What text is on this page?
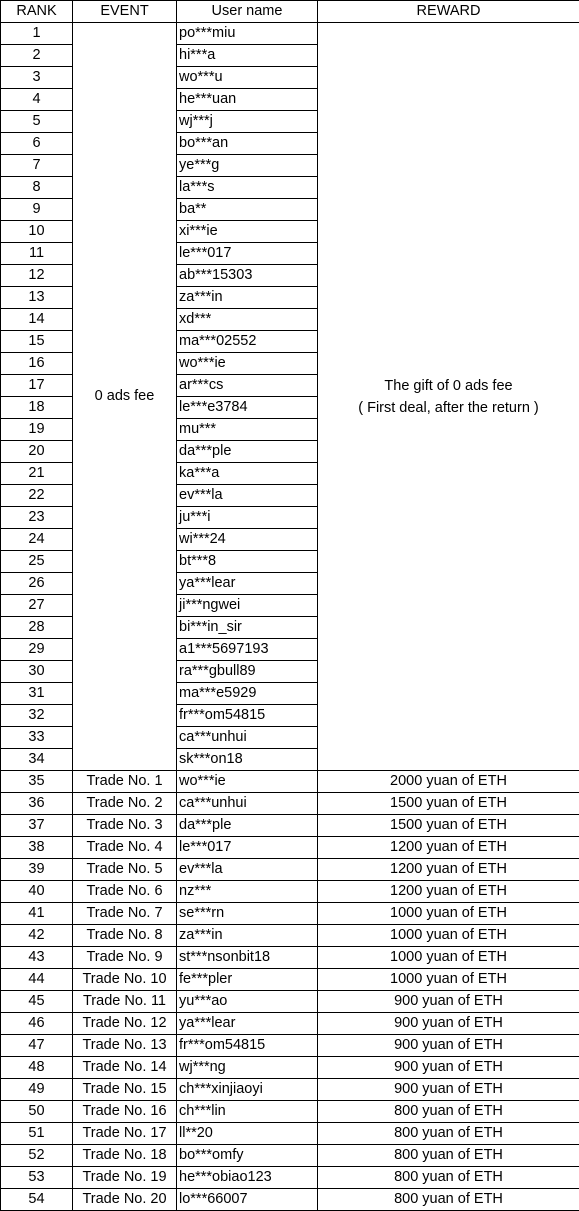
RANK	EVENT	User name	REWARD
1	0 ads fee	po***miu	The gift of 0 ads fee
( First deal, after the return )

2		hi***a	
3		wo***u	
4		he***uan	
5		wj***j	
6		bo***an	
7		ye***g	
8		la***s	
9		ba**	
10		xi***ie	
11		le***017	
12		ab***15303	
13		za***in	
14		xd***	
15		ma***02552	
16		wo***ie	
17		ar***cs	
18		le***e3784	
19		mu***	
20		da***ple	
21		ka***a	
22		ev***la	
23		ju***i	
24		wi***24	
25		bt***8	
26		ya***lear	
27		ji***ngwei	
28		bi***in_sir	
29		a1***5697193	
30		ra***gbull89	
31		ma***e5929	
32		fr***om54815	
33		ca***unhui	
34		sk***on18	
35	Trade No. 1	wo***ie	2000 yuan of ETH
36	Trade No. 2	ca***unhui	1500 yuan of ETH
37	Trade No. 3	da***ple	1500 yuan of ETH
38	Trade No. 4	le***017	1200 yuan of ETH
39	Trade No. 5	ev***la	1200 yuan of ETH
40	Trade No. 6	nz***	1200 yuan of ETH
41	Trade No. 7	se***rn	1000 yuan of ETH
42	Trade No. 8	za***in	1000 yuan of ETH
43	Trade No. 9	st***nsonbit18	1000 yuan of ETH
44	Trade No. 10	fe***pler	1000 yuan of ETH
45	Trade No. 11	yu***ao	900 yuan of ETH
46	Trade No. 12	ya***lear	900 yuan of ETH
47	Trade No. 13	fr***om54815	900 yuan of ETH
48	Trade No. 14	wj***ng	900 yuan of ETH
49	Trade No. 15	ch***xinjiaoyi	900 yuan of ETH
50	Trade No. 16	ch***lin	800 yuan of ETH
51	Trade No. 17	ll**20	800 yuan of ETH
52	Trade No. 18	bo***omfy	800 yuan of ETH
53	Trade No. 19	he***obiao123	800 yuan of ETH
54	Trade No. 20	lo***66007	800 yuan of ETH
